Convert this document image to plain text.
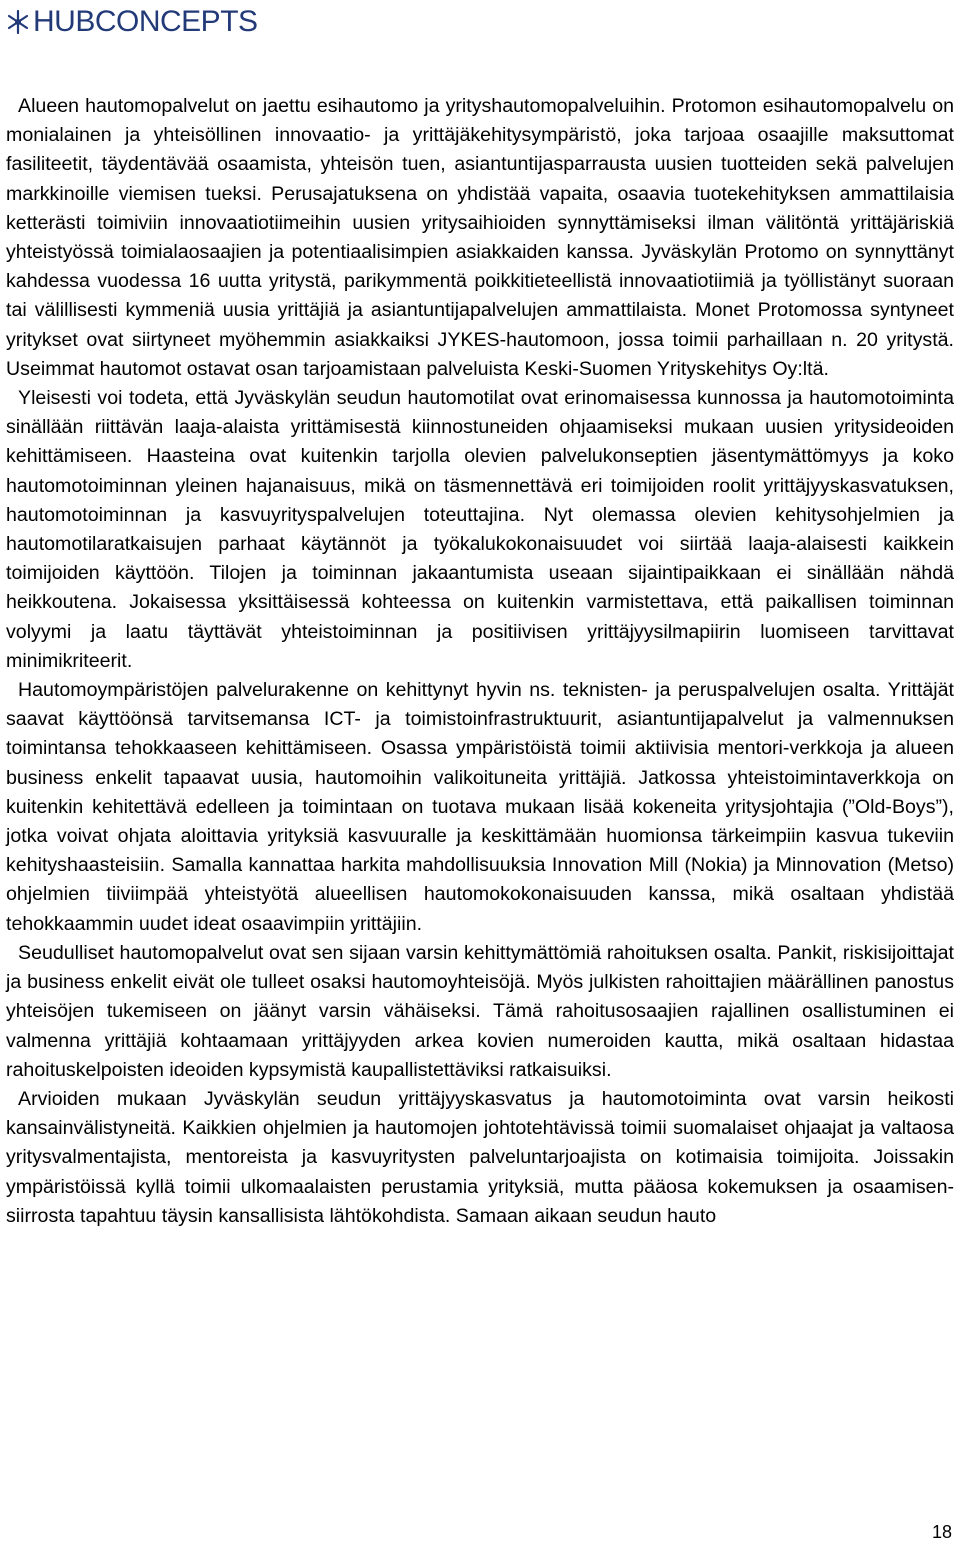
HUBCONCEPTS

Alueen hautomopalvelut on jaettu esihautomo ja yrityshautomopalveluihin. Protomon esihautomopalvelu on monialainen ja yhteisöllinen innovaatio- ja yrittäjäkehitysympäristö, joka tarjoaa osaajille maksuttomat fasiliteetit, täydentävää osaamista, yhteisön tuen, asiantuntijasparrausta uusien tuotteiden sekä palvelujen markkinoille viemisen tueksi. Perusajatuksena on yhdistää vapaita, osaavia tuotekehityksen ammattilaisia ketterästi toimiviin innovaatiotiimeihin uusien yritysaihioiden synnyttämiseksi ilman välitöntä yrittäjäriskiä yhteistyössä toimialaosaajien ja potentiaalisimpien asiakkaiden kanssa. Jyväskylän Protomo on synnyttänyt kahdessa vuodessa 16 uutta yritystä, parikymmentä poikkitieteellistä innovaatiotiimiä ja työllistänyt suoraan tai välillisesti kymmeniä uusia yrittäjiä ja asiantuntijapalvelujen ammattilaista. Monet Protomossa syntyneet yritykset ovat siirtyneet myöhemmin asiakkaiksi JYKES-hautomoon, jossa toimii parhaillaan n. 20 yritystä. Useimmat hautomot ostavat osan tarjoamistaan palveluista Keski-Suomen Yrityskehitys Oy:ltä.

Yleisesti voi todeta, että Jyväskylän seudun hautomotilat ovat erinomaisessa kunnossa ja hautomotoiminta sinällään riittävän laaja-alaista yrittämisestä kiinnostuneiden ohjaamiseksi mukaan uusien yritysideoiden kehittämiseen. Haasteina ovat kuitenkin tarjolla olevien palvelukonseptien jäsentymättömyys ja koko hautomotoiminnan yleinen hajanaisuus, mikä on täsmennettävä eri toimijoiden roolit yrittäjyyskasvatuksen, hautomotoiminnan ja kasvuyrityspalvelujen toteuttajina. Nyt olemassa olevien kehitysohjelmien ja hautomotilaratkaisujen parhaat käytännöt ja työkalukokonaisuudet voi siirtää laaja-alaisesti kaikkein toimijoiden käyttöön. Tilojen ja toiminnan jakaantumista useaan sijaintipaikkaan ei sinällään nähdä heikkoutena. Jokaisessa yksittäisessä kohteessa on kuitenkin varmistettava, että paikallisen toiminnan volyymi ja laatu täyttävät yhteistoiminnan ja positiivisen yrittäjyysilmapiirin luomiseen tarvittavat minimikriteerit.

Hautomoympäristöjen palvelurakenne on kehittynyt hyvin ns. teknisten- ja peruspalvelujen osalta. Yrittäjät saavat käyttöönsä tarvitsemansa ICT- ja toimistoinfrastruktuurit, asiantuntijapalvelut ja valmennuksen toimintansa tehokkaaseen kehittämiseen. Osassa ympäristöistä toimii aktiivisia mentori-verkkoja ja alueen business enkelit tapaavat uusia, hautomoihin valikoituneita yrittäjiä. Jatkossa yhteistoimintaverkkoja on kuitenkin kehitettävä edelleen ja toimintaan on tuotava mukaan lisää kokeneita yritysjohtajia (”Old-Boys”), jotka voivat ohjata aloittavia yrityksiä kasvuuralle ja keskittämään huomionsa tärkeimpiin kasvua tukeviin kehityshaasteisiin. Samalla kannattaa harkita mahdollisuuksia Innovation Mill (Nokia) ja Minnovation (Metso) ohjelmien tiiviimpää yhteistyötä alueellisen hautomokokonaisuuden kanssa, mikä osaltaan yhdistää tehokkaammin uudet ideat osaavimpiin yrittäjiin.

Seudulliset hautomopalvelut ovat sen sijaan varsin kehittymättömiä rahoituksen osalta. Pankit, riskisijoittajat ja business enkelit eivät ole tulleet osaksi hautomoyhteisöjä. Myös julkisten rahoittajien määrällinen panostus yhteisöjen tukemiseen on jäänyt varsin vähäiseksi. Tämä rahoitusosaajien rajallinen osallistuminen ei valmenna yrittäjiä kohtaamaan yrittäjyyden arkea kovien numeroiden kautta, mikä osaltaan hidastaa rahoituskelpoisten ideoiden kypsymistä kaupallistettäviksi ratkaisuiksi.

Arvioiden mukaan Jyväskylän seudun yrittäjyyskasvatus ja hautomotoiminta ovat varsin heikosti kansainvälistyneitä. Kaikkien ohjelmien ja hautomojen johtotehtävissä toimii suomalaiset ohjaajat ja valtaosa yritysvalmentajista, mentoreista ja kasvuyritysten palveluntarjoajista on kotimaisia toimijoita. Joissakin ympäristöissä kyllä toimii ulkomaalaisten perustamia yrityksiä, mutta pääosa kokemuksen ja osaamisensiirrosta tapahtuu täysin kansallisista lähtökohdista. Samaan aikaan seudun hauto

18
